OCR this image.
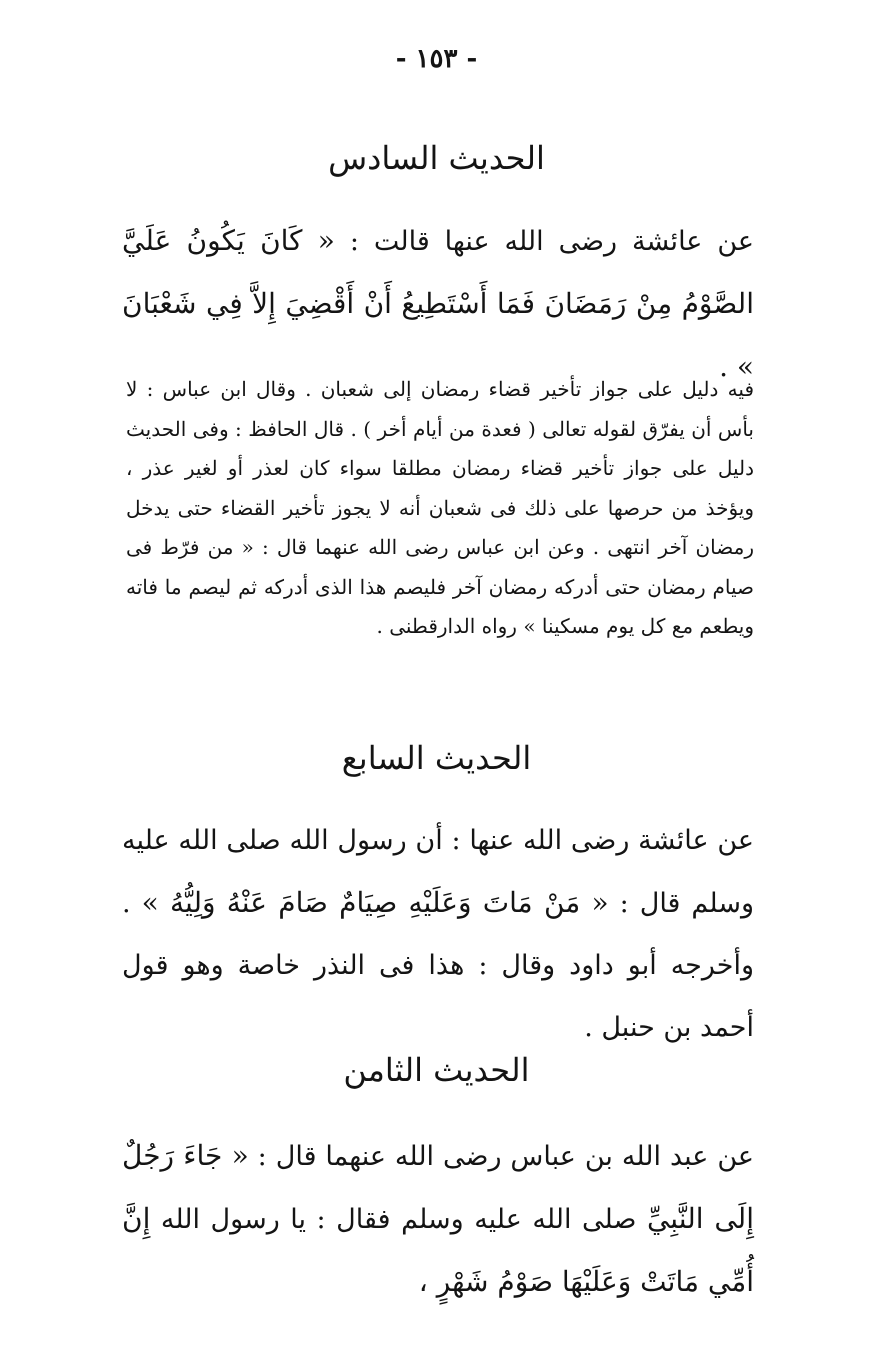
- ١٥٣ -
الحديث السادس
عن عائشة رضى الله عنها قالت : « كَانَ يَكُونُ عَلَيَّ الصَّوْمُ مِنْ رَمَضَانَ فَمَا أَسْتَطِيعُ أَنْ أَقْضِيَ إِلاَّ فِي شَعْبَانَ » .
فيه دليل على جواز تأخير قضاء رمضان إلى شعبان . وقال ابن عباس : لا بأس أن يفرّق لقوله تعالى ( فعدة من أيام أخر ) . قال الحافظ : وفى الحديث دليل على جواز تأخير قضاء رمضان مطلقا سواء كان لعذر أو لغير عذر ، ويؤخذ من حرصها على ذلك فى شعبان أنه لا يجوز تأخير القضاء حتى يدخل رمضان آخر انتهى . وعن ابن عباس رضى الله عنهما قال : « من فرّط فى صيام رمضان حتى أدركه رمضان آخر فليصم هذا الذى أدركه ثم ليصم ما فاته ويطعم مع كل يوم مسكينا » رواه الدارقطنى .
الحديث السابع
عن عائشة رضى الله عنها : أن رسول الله صلى الله عليه وسلم قال : « مَنْ مَاتَ وَعَلَيْهِ صِيَامٌ صَامَ عَنْهُ وَلِيُّهُ » . وأخرجه أبو داود وقال : هذا فى النذر خاصة وهو قول أحمد بن حنبل .
الحديث الثامن
عن عبد الله بن عباس رضى الله عنهما قال : « جَاءَ رَجُلٌ إِلَى النَّبِيِّ صلى الله عليه وسلم فقال : يا رسول الله إِنَّ أُمِّي مَاتَتْ وَعَلَيْهَا صَوْمُ شَهْرٍ ،
